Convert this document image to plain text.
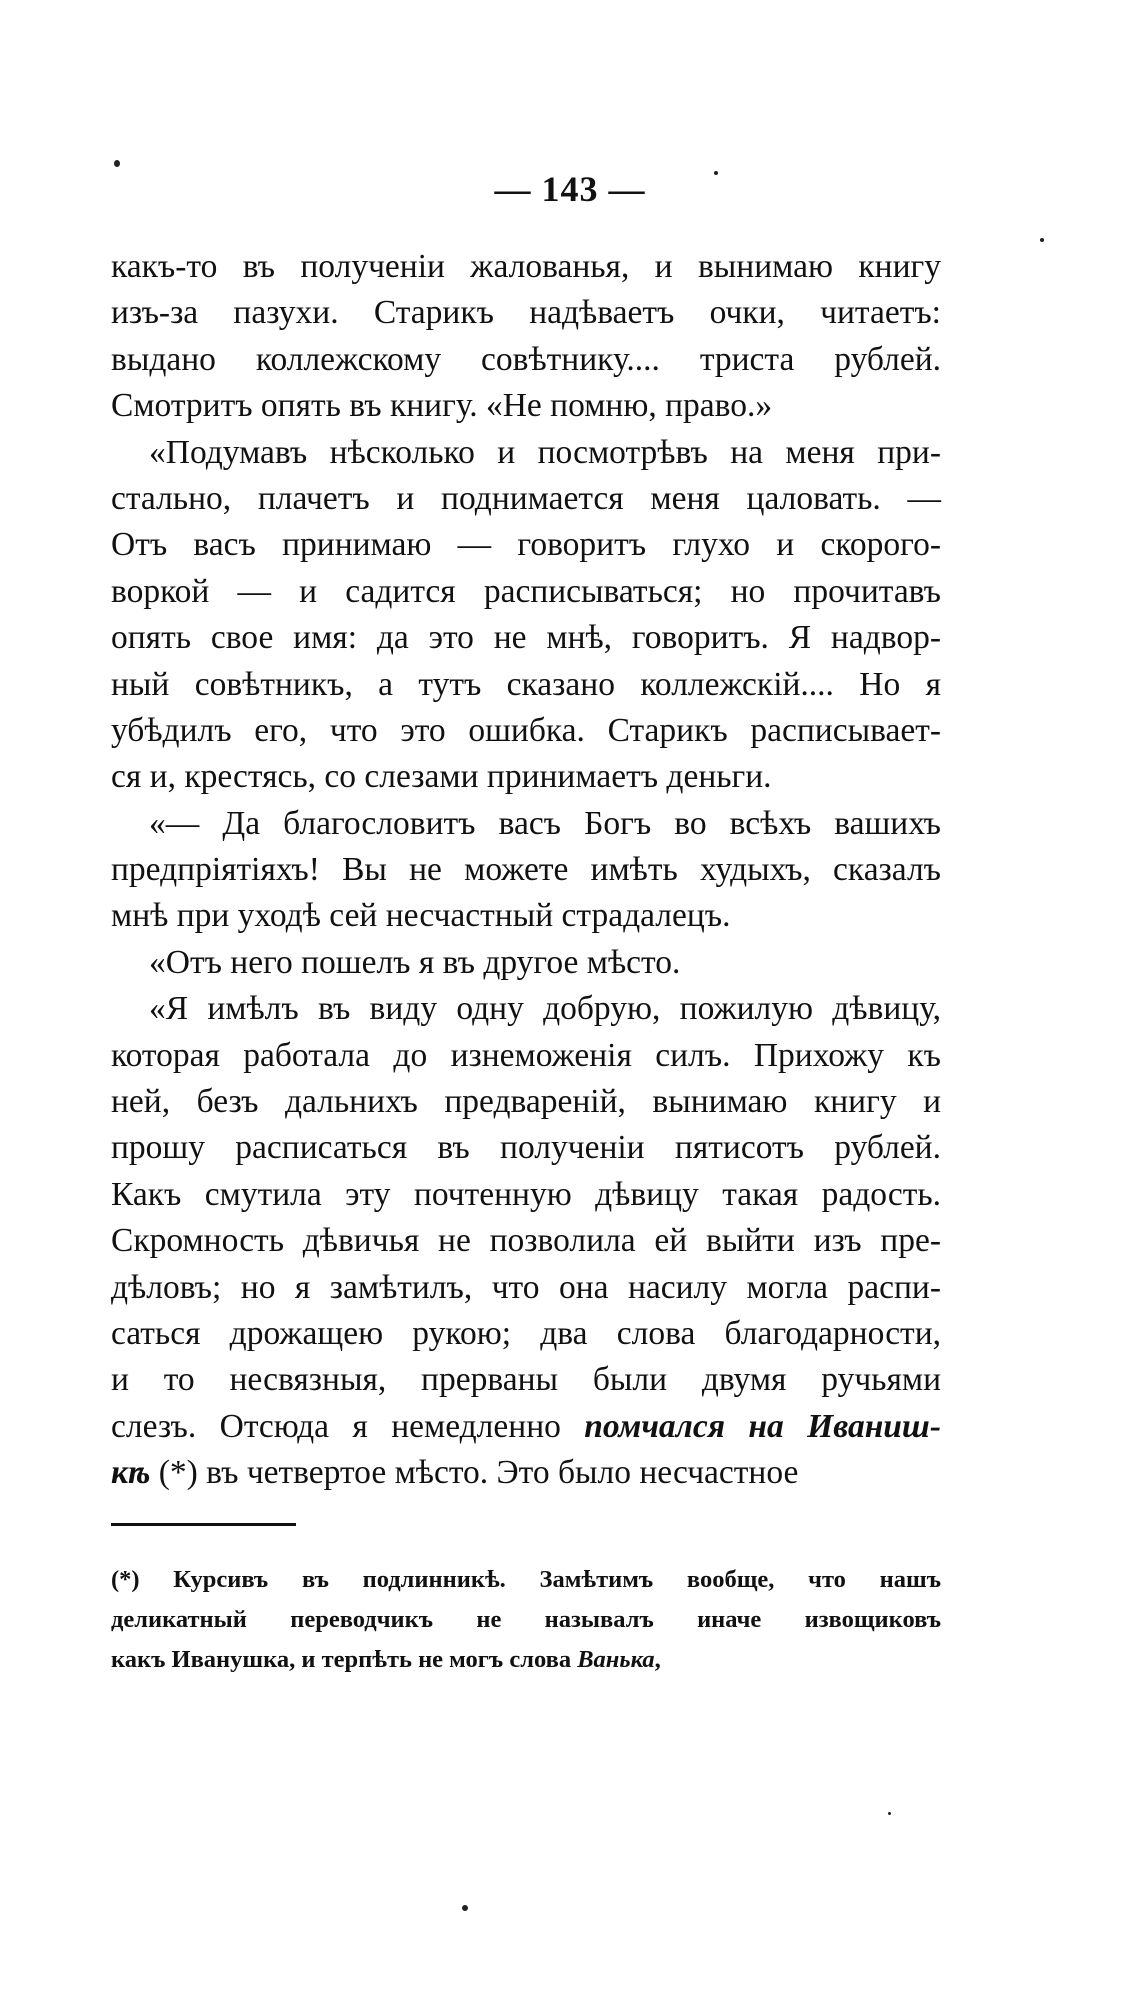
— 143 —
какъ-то въ полученіи жалованья, и вынимаю книгу
изъ-за пазухи. Старикъ надѣваетъ очки, читаетъ:
выдано коллежскому совѣтнику.... триста рублей.
Смотритъ опять въ книгу. «Не помню, право.»
«Подумавъ нѣсколько и посмотрѣвъ на меня при-
стально, плачетъ и поднимается меня цаловать. —
Отъ васъ принимаю — говоритъ глухо и скорого-
воркой — и садится расписываться; но прочитавъ
опять свое имя: да это не мнѣ, говоритъ. Я надвор-
ный совѣтникъ, а тутъ сказано коллежскій.... Но я
убѣдилъ его, что это ошибка. Старикъ расписывает-
ся и, крестясь, со слезами принимаетъ деньги.
«— Да благословитъ васъ Богъ во всѣхъ вашихъ
предпріятіяхъ! Вы не можете имѣть худыхъ, сказалъ
мнѣ при уходѣ сей несчастный страдалецъ.
«Отъ него пошелъ я въ другое мѣсто.
«Я имѣлъ въ виду одну добрую, пожилую дѣвицу,
которая работала до изнеможенія силъ. Прихожу къ
ней, безъ дальнихъ предвареній, вынимаю книгу и
прошу расписаться въ полученіи пятисотъ рублей.
Какъ смутила эту почтенную дѣвицу такая радость.
Скромность дѣвичья не позволила ей выйти изъ пре-
дѣловъ; но я замѣтилъ, что она насилу могла распи-
саться дрожащею рукою; два слова благодарности,
и то несвязныя, прерваны были двумя ручьями
слезъ. Отсюда я немедленно помчался на Иваниш-
кѣ (*) въ четвертое мѣсто. Это было несчастное
(*) Курсивъ въ подлинникѣ. Замѣтимъ вообще, что нашъ
деликатный переводчикъ не называлъ иначе извощиковъ
какъ Иванушка, и терпѣть не могъ слова Ванька,
